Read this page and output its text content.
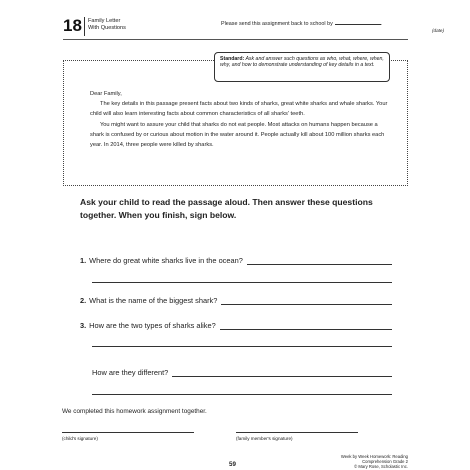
18 Family Letter
With Questions
Please send this assignment back to school by	.
(date)
Standard: Ask and answer such questions as who, what, where, when, why, and how to demonstrate understanding of key details in a text.

Dear Family,

The key details in this passage present facts about two kinds of sharks, great white sharks and whale sharks. Your child will also learn interesting facts about common characteristics of all sharks' teeth.

You might want to assure your child that sharks do not eat people. Most attacks on humans happen because a shark is confused by or curious about motion in the water around it. People actually kill about 100 million sharks each year. In 2014, three people were killed by sharks.

Ask your child to read the passage aloud. Then answer these questions together. When you finish, sign below.
1. Where do great white sharks live in the ocean?
2. What is the name of the biggest shark?
3. How are the two types of sharks alike?
How are they different?
We completed this homework assignment together.
(child's signature)	(family member's signature)
59
Week by Week Homework: Reading Comprehension Grade 2
© Mary Rose, Scholastic Inc.
